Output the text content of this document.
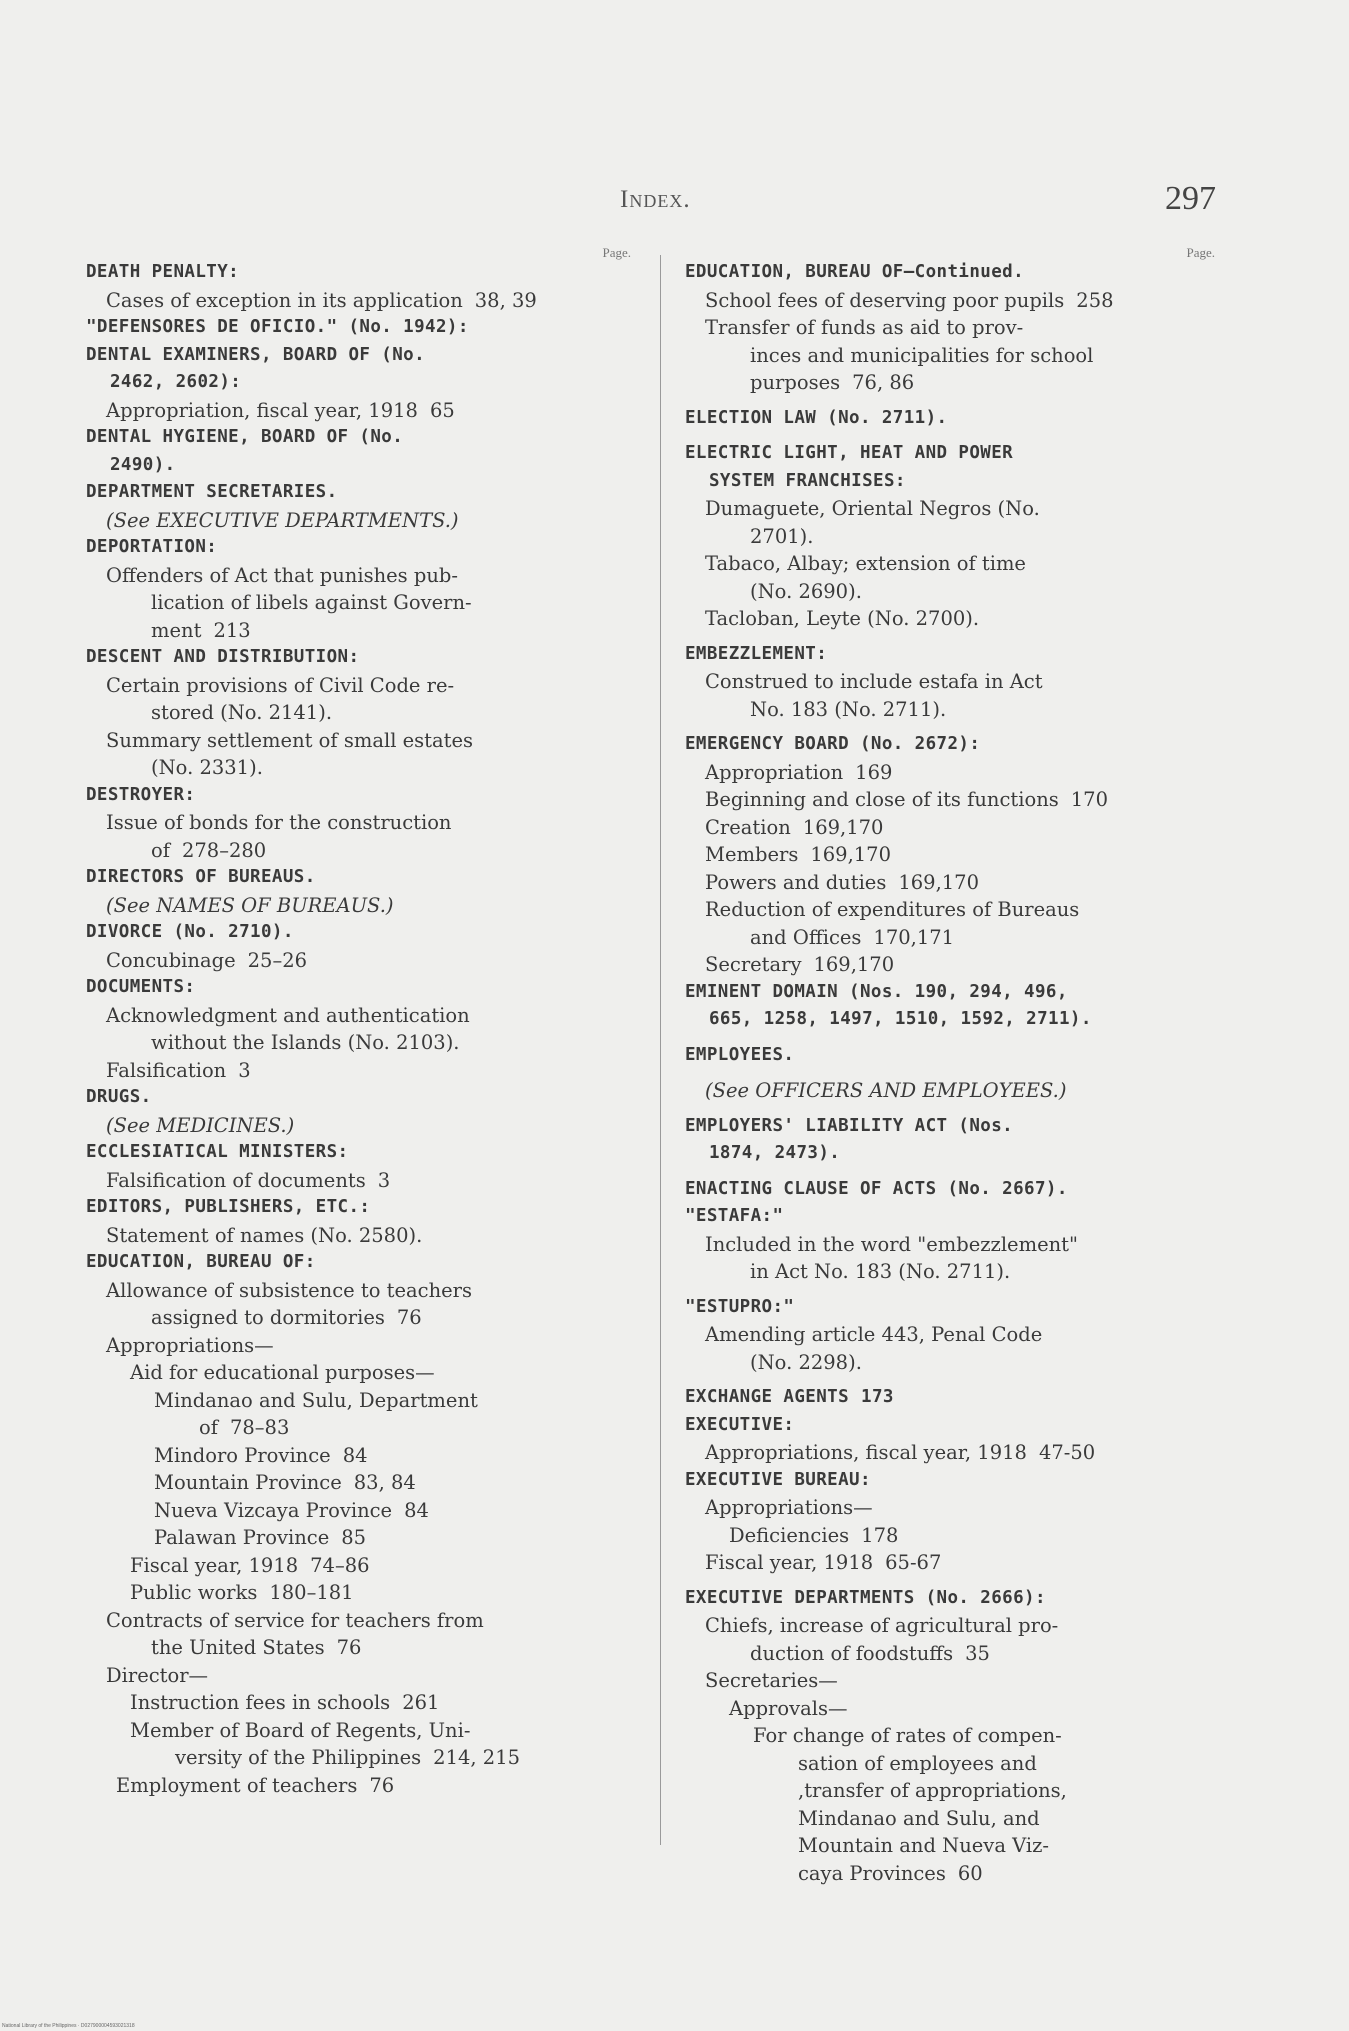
Index.	297
Page.
DEATH PENALTY:
Cases of exception in its application 38, 39
"DEFENSORES DE OFICIO." (No. 1942):
DENTAL EXAMINERS, BOARD OF (No.
2462, 2602):
Appropriation, fiscal year, 1918 65
DENTAL HYGIENE, BOARD OF (No.
2490).
DEPARTMENT SECRETARIES.
(See EXECUTIVE DEPARTMENTS.)
DEPORTATION:
Offenders of Act that punishes pub-
lication of libels against Govern-
ment 213
DESCENT AND DISTRIBUTION:
Certain provisions of Civil Code re-
stored (No. 2141).
Summary settlement of small estates
(No. 2331).
DESTROYER:
Issue of bonds for the construction
of 278–280
DIRECTORS OF BUREAUS.
(See NAMES OF BUREAUS.)
DIVORCE (No. 2710).
Concubinage 25–26
DOCUMENTS:
Acknowledgment and authentication
without the Islands (No. 2103).
Falsification 3
DRUGS.
(See MEDICINES.)
ECCLESIATICAL MINISTERS:
Falsification of documents 3
EDITORS, PUBLISHERS, ETC.:
Statement of names (No. 2580).
EDUCATION, BUREAU OF:
Allowance of subsistence to teachers
assigned to dormitories 76
Appropriations—
Aid for educational purposes—
Mindanao and Sulu, Department
of 78–83
Mindoro Province 84
Mountain Province 83, 84
Nueva Vizcaya Province 84
Palawan Province 85
Fiscal year, 1918 74–86
Public works 180–181
Contracts of service for teachers from
the United States 76
Director—
Instruction fees in schools 261
Member of Board of Regents, Uni-
versity of the Philippines 214, 215
Employment of teachers 76
Page.
EDUCATION, BUREAU OF—Continued.
School fees of deserving poor pupils 258
Transfer of funds as aid to prov-
inces and municipalities for school
purposes 76, 86
ELECTION LAW (No. 2711).
ELECTRIC LIGHT, HEAT AND POWER
SYSTEM FRANCHISES:
Dumaguete, Oriental Negros (No.
2701).
Tabaco, Albay; extension of time
(No. 2690).
Tacloban, Leyte (No. 2700).
EMBEZZLEMENT:
Construed to include estafa in Act
No. 183 (No. 2711).
EMERGENCY BOARD (No. 2672):
Appropriation 169
Beginning and close of its functions 170
Creation 169,170
Members 169,170
Powers and duties 169,170
Reduction of expenditures of Bureaus
and Offices 170,171
Secretary 169,170
EMINENT DOMAIN (Nos. 190, 294, 496,
665, 1258, 1497, 1510, 1592, 2711).
EMPLOYEES.
(See OFFICERS AND EMPLOYEES.)
EMPLOYERS' LIABILITY ACT (Nos.
1874, 2473).
ENACTING CLAUSE OF ACTS (No. 2667).
"ESTAFA:"
Included in the word "embezzlement"
in Act No. 183 (No. 2711).
"ESTUPRO:"
Amending article 443, Penal Code
(No. 2298).
EXCHANGE AGENTS 173
EXECUTIVE:
Appropriations, fiscal year, 1918 47-50
EXECUTIVE BUREAU:
Appropriations—
Deficiencies 178
Fiscal year, 1918 65-67
EXECUTIVE DEPARTMENTS (No. 2666):
Chiefs, increase of agricultural pro-
duction of foodstuffs 35
Secretaries—
Approvals—
For change of rates of compen-
sation of employees and
,transfer of appropriations,
Mindanao and Sulu, and
Mountain and Nueva Viz-
caya Provinces 60
National Library of the Philippines · D027900004593021318
